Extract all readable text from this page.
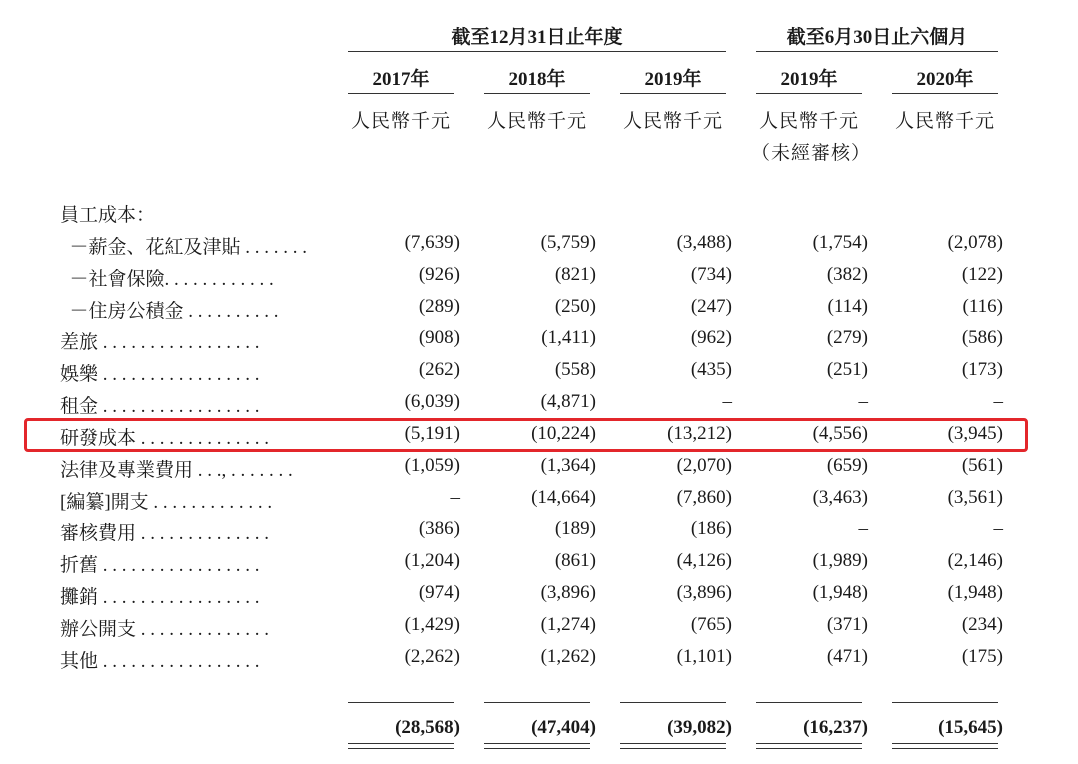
截至12月31日止年度	截至6月30日止六個月
2017年	2018年	2019年	2019年	2020年
人民幣千元	人民幣千元	人民幣千元	人民幣千元	人民幣千元
（未經審核）
員工成本：
－薪金、花紅及津貼 . . . . . . .	(7,639)	(5,759)	(3,488)	(1,754)	(2,078)
－社會保險. . . . . . . . . . . .	(926)	(821)	(734)	(382)	(122)
－住房公積金 . . . . . . . . . .	(289)	(250)	(247)	(114)	(116)
差旅 . . . . . . . . . . . . . . . . .	(908)	(1,411)	(962)	(279)	(586)
娛樂 . . . . . . . . . . . . . . . . .	(262)	(558)	(435)	(251)	(173)
租金 . . . . . . . . . . . . . . . . .	(6,039)	(4,871)	–	–	–
研發成本 . . . . . . . . . . . . . .	(5,191)	(10,224)	(13,212)	(4,556)	(3,945)
法律及專業費用 . . ., . . . . . . .	(1,059)	(1,364)	(2,070)	(659)	(561)
[編纂]開支 . . . . . . . . . . . . .	–	(14,664)	(7,860)	(3,463)	(3,561)
審核費用 . . . . . . . . . . . . . .	(386)	(189)	(186)	–	–
折舊 . . . . . . . . . . . . . . . . .	(1,204)	(861)	(4,126)	(1,989)	(2,146)
攤銷 . . . . . . . . . . . . . . . . .	(974)	(3,896)	(3,896)	(1,948)	(1,948)
辦公開支 . . . . . . . . . . . . . .	(1,429)	(1,274)	(765)	(371)	(234)
其他 . . . . . . . . . . . . . . . . .	(2,262)	(1,262)	(1,101)	(471)	(175)
(28,568)	(47,404)	(39,082)	(16,237)	(15,645)
